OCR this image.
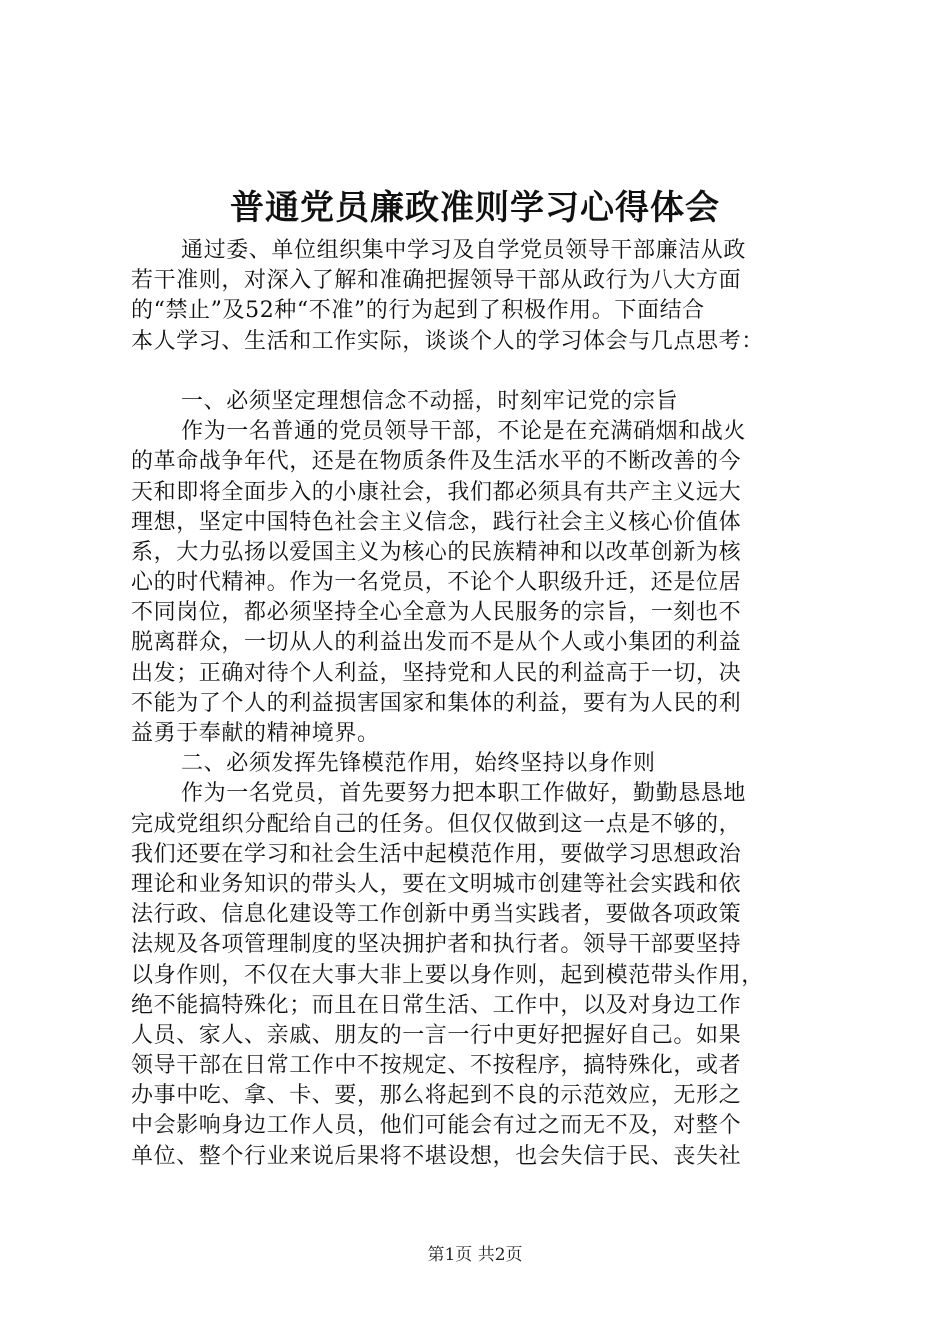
普通党员廉政准则学习心得体会
通过委、单位组织集中学习及自学党员领导干部廉洁从政
若干准则，对深入了解和准确把握领导干部从政行为八大方面
的“禁止”及52种“不准”的行为起到了积极作用。下面结合
本人学习、生活和工作实际，谈谈个人的学习体会与几点思考：
一、必须坚定理想信念不动摇，时刻牢记党的宗旨
作为一名普通的党员领导干部，不论是在充满硝烟和战火
的革命战争年代，还是在物质条件及生活水平的不断改善的今
天和即将全面步入的小康社会，我们都必须具有共产主义远大
理想，坚定中国特色社会主义信念，践行社会主义核心价值体
系，大力弘扬以爱国主义为核心的民族精神和以改革创新为核
心的时代精神。作为一名党员，不论个人职级升迁，还是位居
不同岗位，都必须坚持全心全意为人民服务的宗旨，一刻也不
脱离群众，一切从人的利益出发而不是从个人或小集团的利益
出发；正确对待个人利益，坚持党和人民的利益高于一切，决
不能为了个人的利益损害国家和集体的利益，要有为人民的利
益勇于奉献的精神境界。
二、必须发挥先锋模范作用，始终坚持以身作则
作为一名党员，首先要努力把本职工作做好，勤勤恳恳地
完成党组织分配给自己的任务。但仅仅做到这一点是不够的，
我们还要在学习和社会生活中起模范作用，要做学习思想政治
理论和业务知识的带头人，要在文明城市创建等社会实践和依
法行政、信息化建设等工作创新中勇当实践者，要做各项政策
法规及各项管理制度的坚决拥护者和执行者。领导干部要坚持
以身作则，不仅在大事大非上要以身作则，起到模范带头作用，
绝不能搞特殊化；而且在日常生活、工作中，以及对身边工作
人员、家人、亲戚、朋友的一言一行中更好把握好自己。如果
领导干部在日常工作中不按规定、不按程序，搞特殊化，或者
办事中吃、拿、卡、要，那么将起到不良的示范效应，无形之
中会影响身边工作人员，他们可能会有过之而无不及，对整个
单位、整个行业来说后果将不堪设想，也会失信于民、丧失社
第1页 共2页
